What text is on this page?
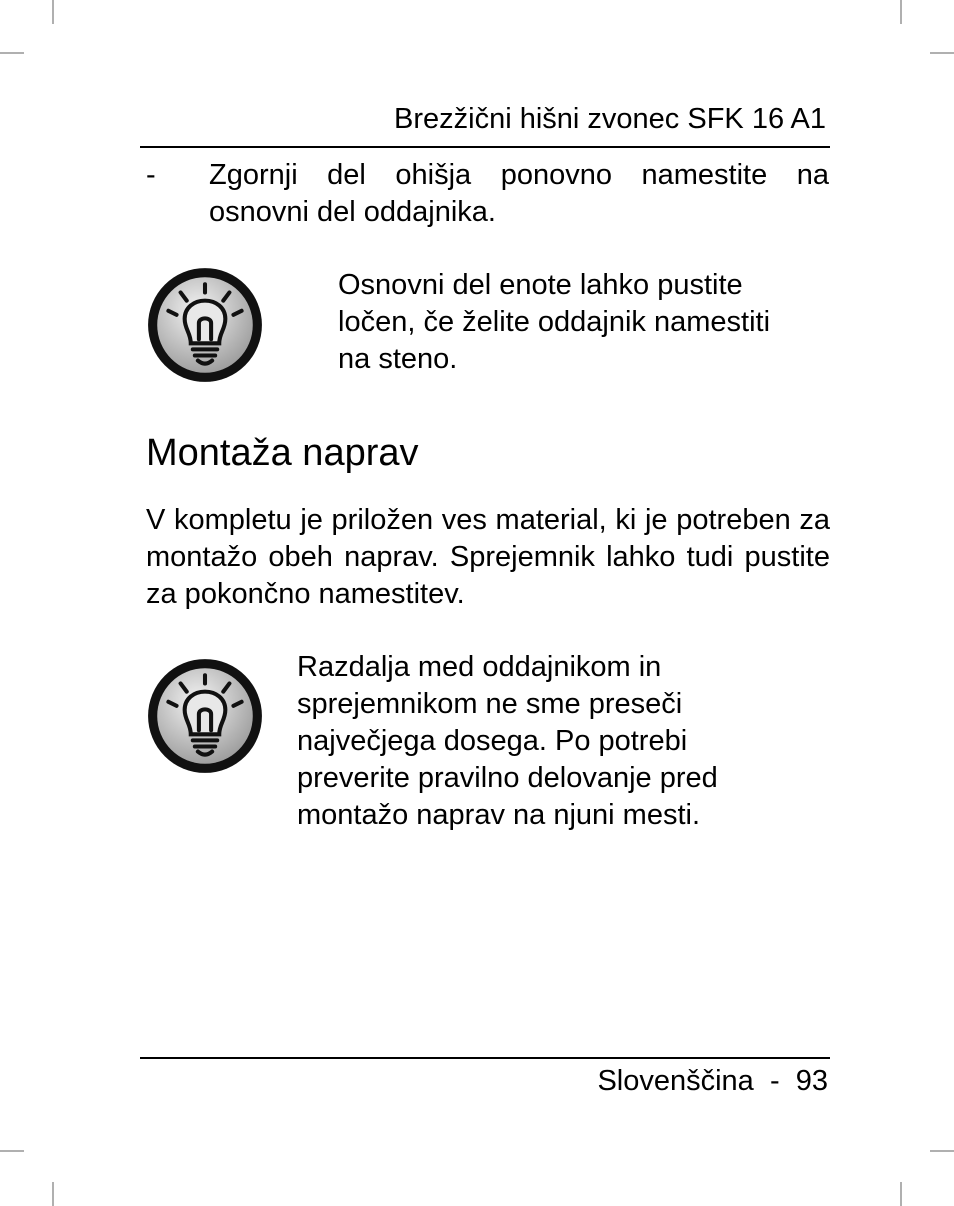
Brezžični hišni zvonec SFK 16 A1
- Zgornji del ohišja ponovno namestite na osnovni del oddajnika.
Osnovni del enote lahko pustite
ločen, če želite oddajnik namestiti
na steno.
Montaža naprav
V kompletu je priložen ves material, ki je potreben za montažo obeh naprav. Sprejemnik lahko tudi pustite za pokončno namestitev.
Razdalja med oddajnikom in
sprejemnikom ne sme preseči
največjega dosega. Po potrebi
preverite pravilno delovanje pred
montažo naprav na njuni mesti.
Slovenščina - 93
